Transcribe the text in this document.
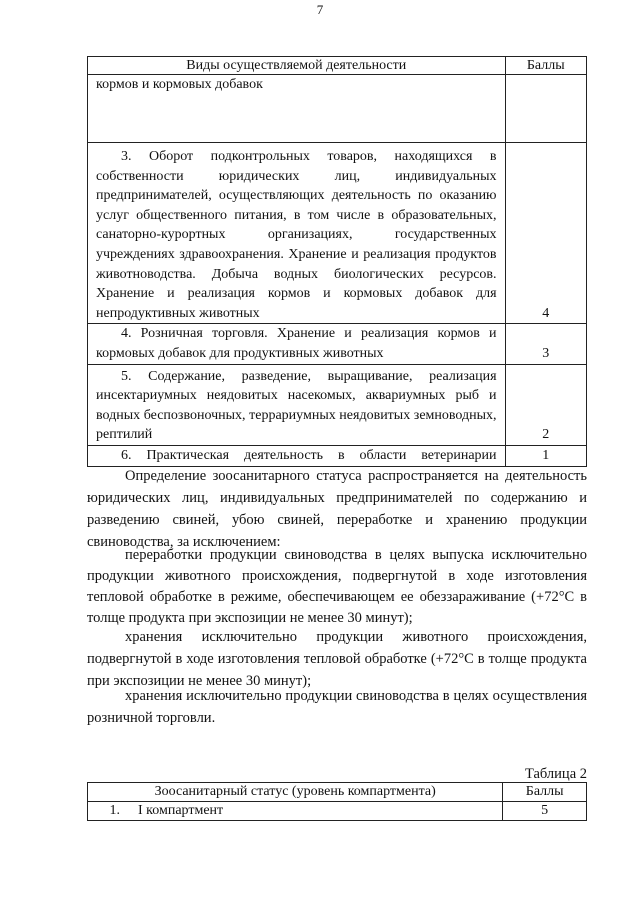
7
Виды осуществляемой деятельности	Баллы
кормов и кормовых добавок	

3. Оборот подконтрольных товаров, находящихся в
собственности юридических лиц, индивидуальных предпринимателей, осуществляющих деятельность по оказанию услуг общественного питания, в том числе в образовательных, санаторно-курортных организациях, государственных учреждениях здравоохранения. Хранение и реализация продуктов животноводства. Добыча водных биологических ресурсов. Хранение и реализация кормов и кормовых добавок для непродуктивных животных	4

4. Розничная торговля. Хранение и реализация кормов и
кормовых добавок для продуктивных животных	3

5. Содержание, разведение, выращивание, реализация
инсектариумных неядовитых насекомых, аквариумных рыб и водных беспозвоночных, террариумных неядовитых земноводных, рептилий	2

6. Практическая деятельность в области ветеринарии	1
Определение зоосанитарного статуса распространяется на деятельность юридических лиц, индивидуальных предпринимателей по содержанию и разведению свиней, убою свиней, переработке и хранению продукции свиноводства, за исключением:
переработки продукции свиноводства в целях выпуска исключительно продукции животного происхождения, подвергнутой в ходе изготовления тепловой обработке в режиме, обеспечивающем ее обеззараживание (+72°C в толще продукта при экспозиции не менее 30 минут);
хранения исключительно продукции животного происхождения, подвергнутой в ходе изготовления тепловой обработке (+72°C в толще продукта при экспозиции не менее 30 минут);
хранения исключительно продукции свиноводства в целях осуществления розничной торговли.
Таблица 2
Зоосанитарный статус (уровень компартмента)	Баллы
1. I компартмент	5
